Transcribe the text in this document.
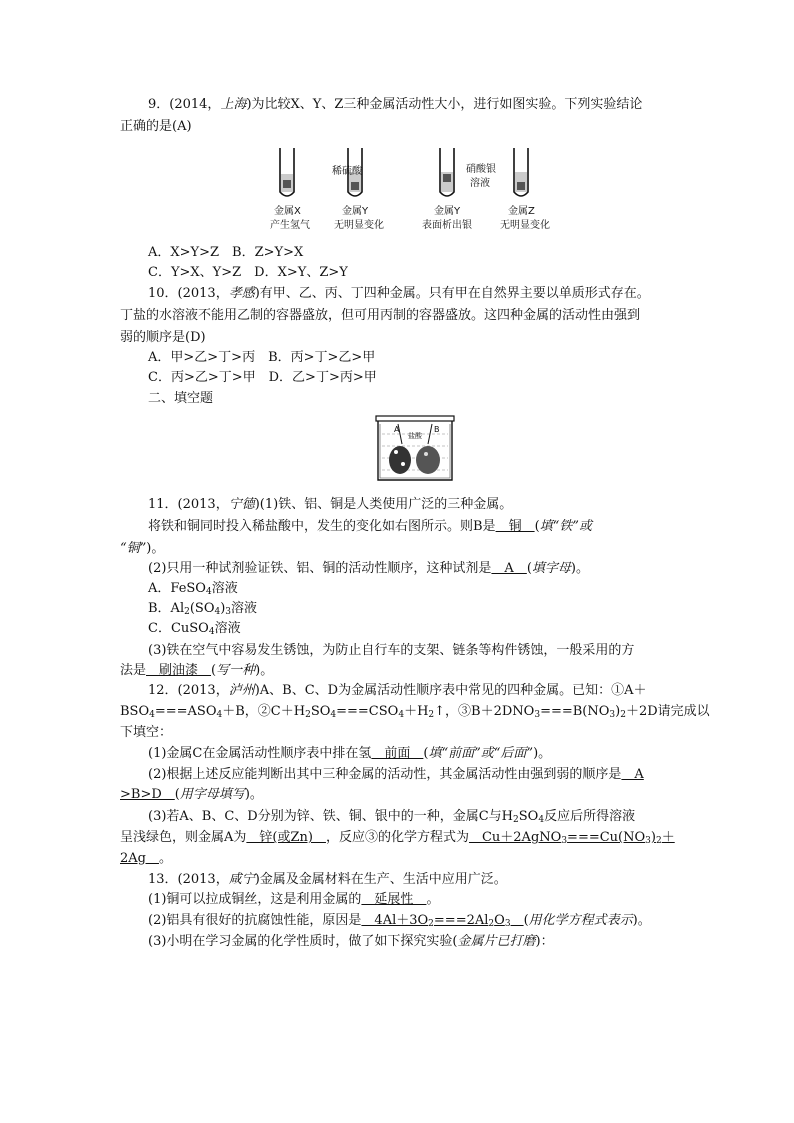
9．(2014，上海)为比较X、Y、Z三种金属活动性大小，进行如图实验。下列实验结论
正确的是(A)
稀硫酸	硝酸银
溶液
金属X
产生氢气
金属Y
无明显变化
金属Y
表面析出银
金属Z
无明显变化
A．X>Y>Z　B．Z>Y>X
C．Y>X、Y>Z　D．X>Y、Z>Y
10．(2013，孝感)有甲、乙、丙、丁四种金属。只有甲在自然界主要以单质形式存在。
丁盐的水溶液不能用乙制的容器盛放，但可用丙制的容器盛放。这四种金属的活动性由强到
弱的顺序是(D)
A．甲>乙>丁>丙　B．丙>丁>乙>甲
C．丙>乙>丁>甲　D．乙>丁>丙>甲
二、填空题
A	B
盐酸
11．(2013，宁德)(1)铁、铝、铜是人类使用广泛的三种金属。
将铁和铜同时投入稀盐酸中，发生的变化如右图所示。则B是　铜　(填“铁”或
“铜”)。
(2)只用一种试剂验证铁、铝、铜的活动性顺序，这种试剂是　A　(填字母)。
A．FeSO$_4$溶液
B．$Al_2(SO_4)_3$溶液
C．CuSO$_4$溶液
(3)铁在空气中容易发生锈蚀，为防止自行车的支架、链条等构件锈蚀，一般采用的方
法是　刷油漆　(写一种)。
12．(2013，泸州)A、B、C、D为金属活动性顺序表中常见的四种金属。已知：①A＋
$BSO_4===ASO_4+B$，$②C+H_2SO_4===CSO_4+H_2↑$，$③B+2DNO_3===B(NO_3)_2+2D$请完成以
下填空：
(1)金属C在金属活动性顺序表中排在氢　前面　(填“前面”或“后面”)。
(2)根据上述反应能判断出其中三种金属的活动性，其金属活动性由强到弱的顺序是　A
>B>D　(用字母填写)。
(3)若A、B、C、D分别为锌、铁、铜、银中的一种，金属C与$H_2SO_4$反应后所得溶液
呈浅绿色，则金属A为　锌(或Zn)　，反应③的化学方程式为　$Cu+2AgNO_3===Cu(NO_3)_2+$
2Ag　。
13．(2013，咸宁)金属及金属材料在生产、生活中应用广泛。
(1)铜可以拉成铜丝，这是利用金属的　延展性　。
(2)铝具有很好的抗腐蚀性能，原因是　$4Al+3O_2===2Al_2O_3$　 (用化学方程式表示)。
(3)小明在学习金属的化学性质时，做了如下探究实验(金属片已打磨)：
